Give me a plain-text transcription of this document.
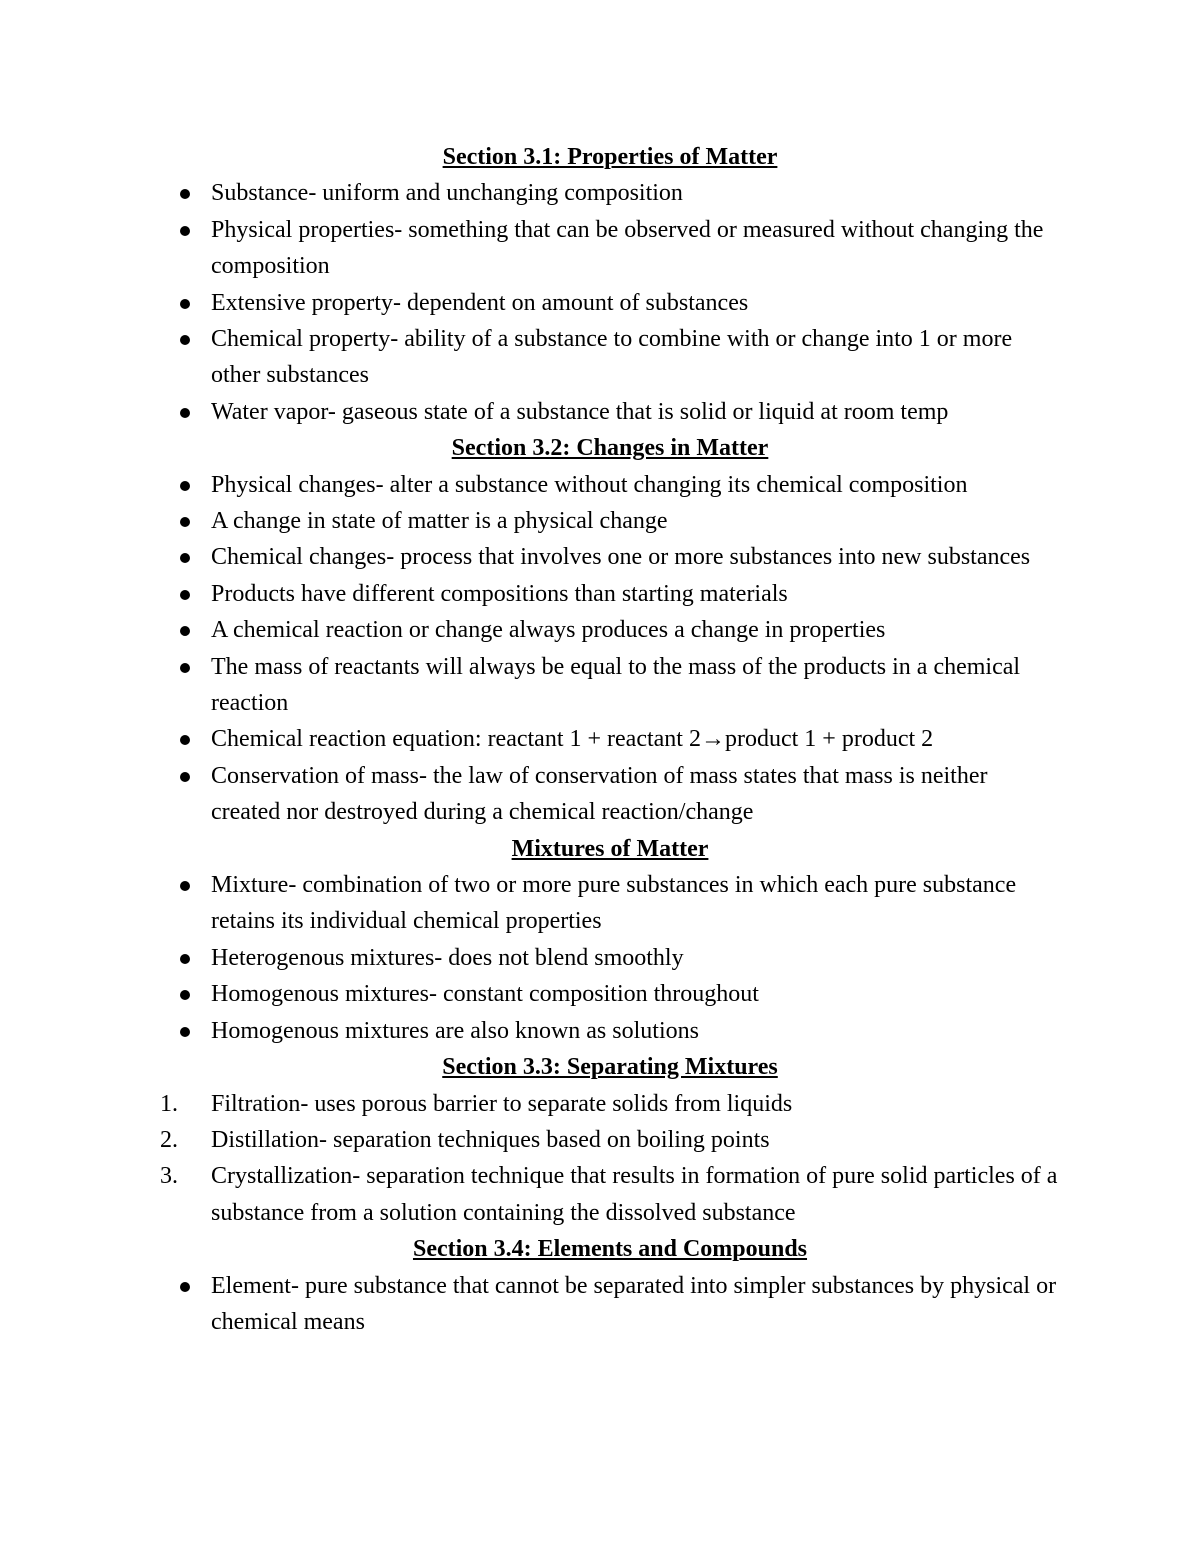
Section 3.1: Properties of Matter
Substance- uniform and unchanging composition
Physical properties- something that can be observed or measured without changing the composition
Extensive property- dependent on amount of substances
Chemical property- ability of a substance to combine with or change into 1 or more other substances
Water vapor- gaseous state of a substance that is solid or liquid at room temp
Section 3.2: Changes in Matter
Physical changes- alter a substance without changing its chemical composition
A change in state of matter is a physical change
Chemical changes- process that involves one or more substances into new substances
Products have different compositions than starting materials
A chemical reaction or change always produces a change in properties
The mass of reactants will always be equal to the mass of the products in a chemical reaction
Chemical reaction equation: reactant 1 + reactant 2→product 1 + product 2
Conservation of mass- the law of conservation of mass states that mass is neither created nor destroyed during a chemical reaction/change
Mixtures of Matter
Mixture- combination of two or more pure substances in which each pure substance retains its individual chemical properties
Heterogenous mixtures- does not blend smoothly
Homogenous mixtures- constant composition throughout
Homogenous mixtures are also known as solutions
Section 3.3: Separating Mixtures
1.	Filtration- uses porous barrier to separate solids from liquids
2.	Distillation- separation techniques based on boiling points
3.	Crystallization- separation technique that results in formation of pure solid particles of a substance from a solution containing the dissolved substance
Section 3.4: Elements and Compounds
Element- pure substance that cannot be separated into simpler substances by physical or chemical means
